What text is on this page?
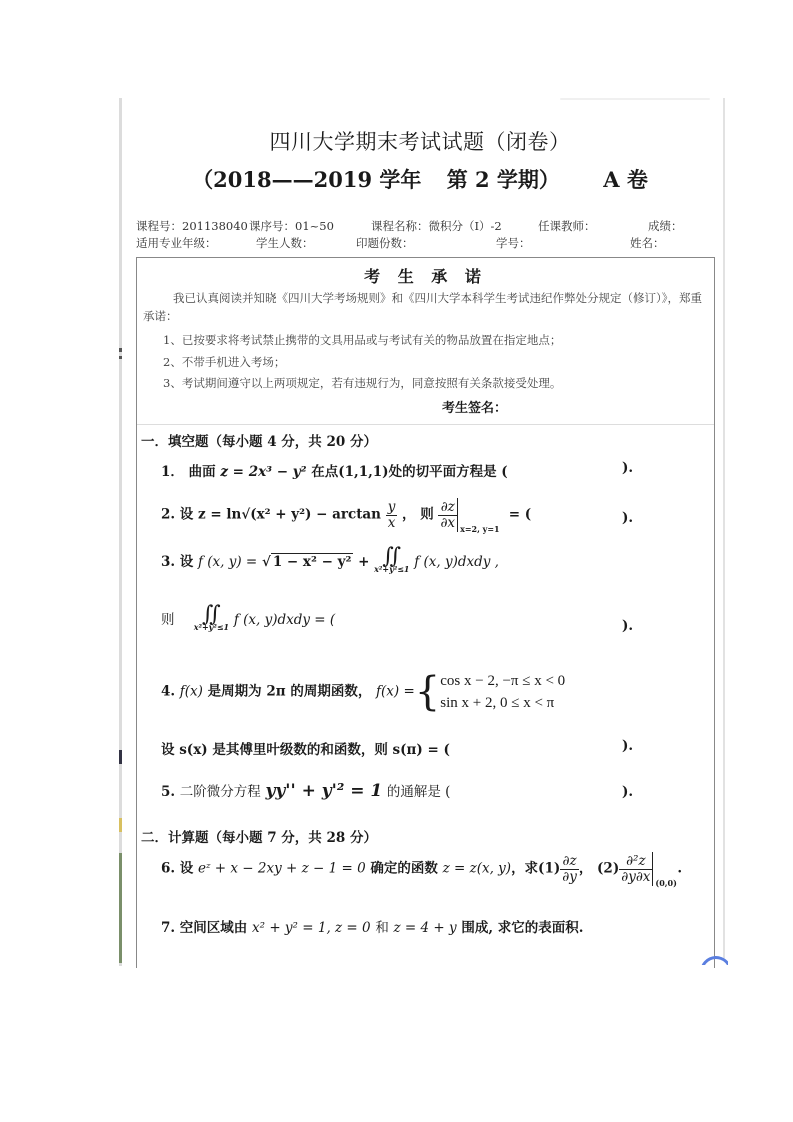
四川大学期末考试试题（闭卷）
（2018——2019 学年 第 2 学期） A 卷
课程号：201138040 课序号：01~50	课程名称：微积分（I）-2	任课教师：	成绩：
适用专业年级：	学生人数：	印题份数：	学号：	姓名：
考 生 承 诺
我已认真阅读并知晓《四川大学考场规则》和《四川大学本科学生考试违纪作弊处分规定（修订）》，郑重承诺：
1、已按要求将考试禁止携带的文具用品或与考试有关的物品放置在指定地点；
2、不带手机进入考场；
3、考试期间遵守以上两项规定，若有违规行为，同意按照有关条款接受处理。
考生签名：
一．填空题（每小题 4 分，共 20 分）
1． 曲面 z = 2x³ − y² 在点(1,1,1)处的切平面方程是 (	).
2. 设 $z = \ln√(x^2 + y^2) - \arctan \frac{y}{x}$ ， 则 $\frac{\partial z}{\partial x} x=2$, y=1
= (	).
3. 设 f (x, y) = √ 1 − x² − y² + ∬
x²+y²≤1 f (x, y)dxdy ,
则	∬
x²+y²≤1 f (x, y)dxdy = (	).
4. f(x) 是周期为 2π 的周期函数， f(x) ={ cos x − 2, −π ≤ x < 0
sin x + 2, 0 ≤ x < π
设 s(x) 是其傅里叶级数的和函数，则 s(π) = (	).
5. 二阶微分方程 yy'' + y'² = 1 的通解是 (	).
二．计算题（每小题 7 分，共 28 分）
6. 设 eᶻ + x − 2xy + z − 1 = 0 确定的函数 z = z(x, y)，求$(1) \frac{\partial z}{\partial y}$ ， $(2) \frac{\text{∂²z}}{\partial y\partial x} (0,0)$
.
7. 空间区域由 x² + y² = 1, z = 0 和 z = 4 + y 围成, 求它的表面积.
